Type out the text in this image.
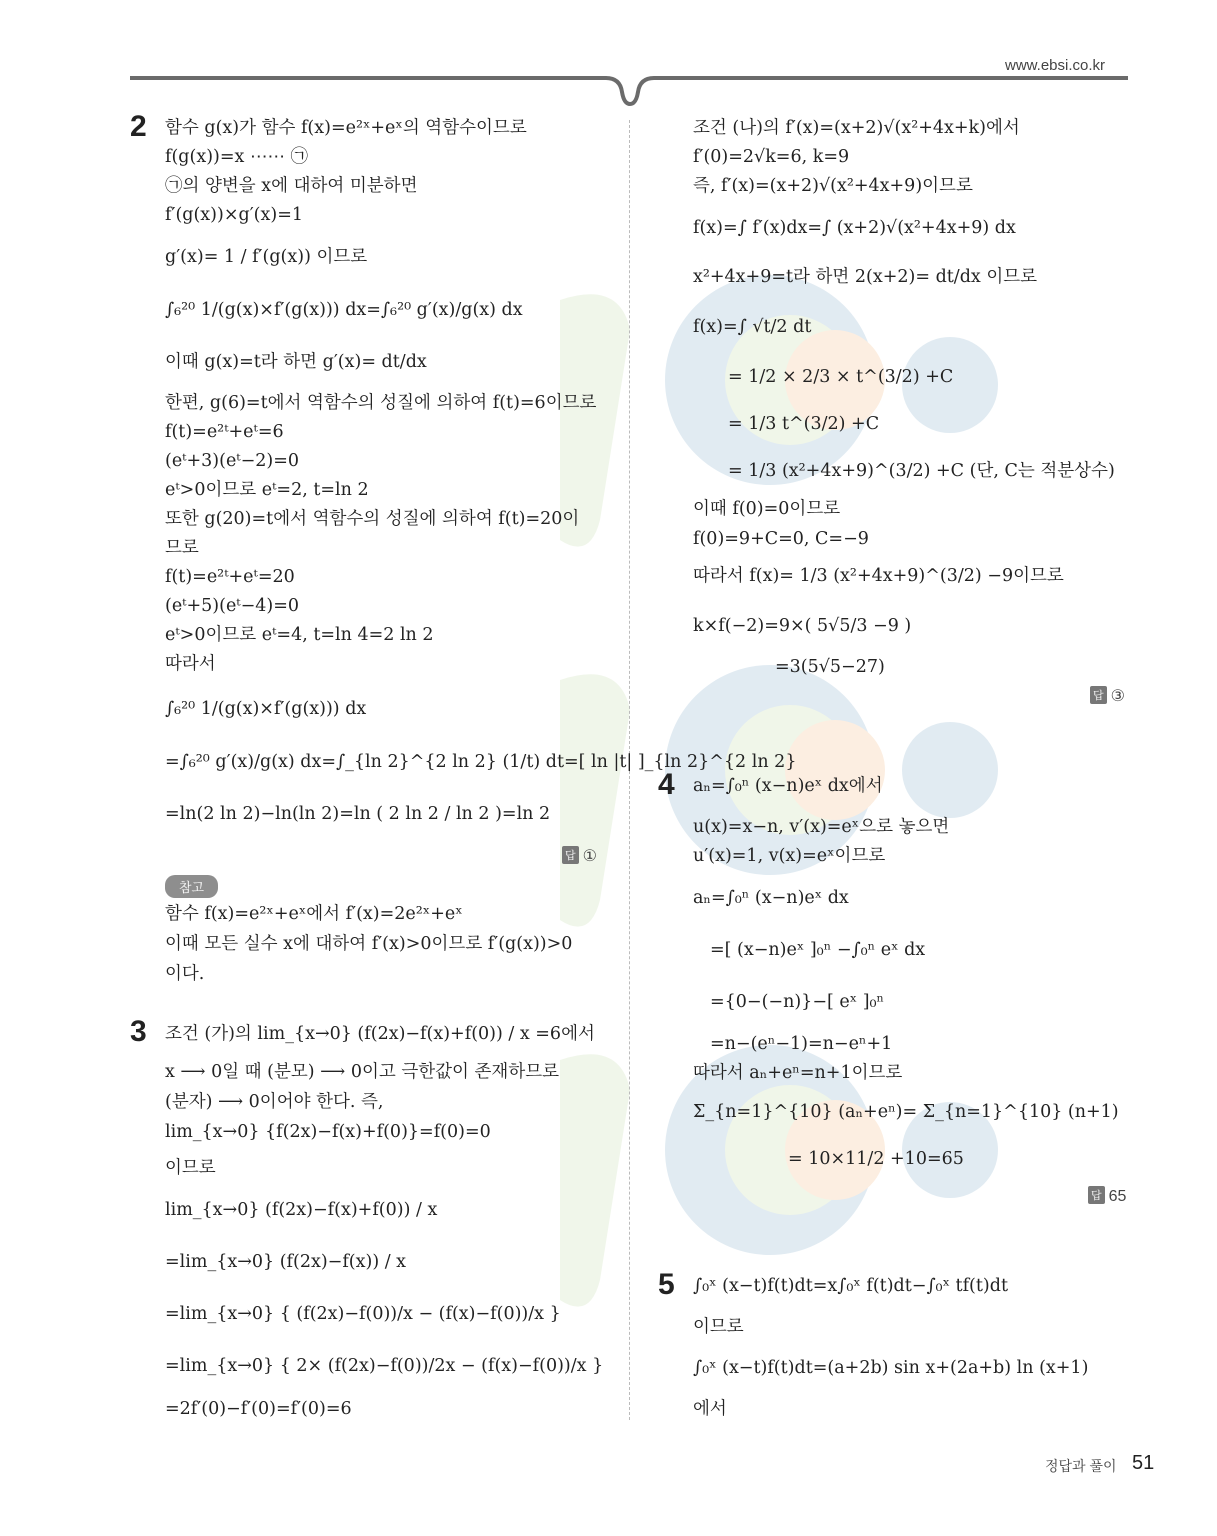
www.ebsi.co.kr
2 함수 g(x)가 함수 f(x)=e²ˣ+eˣ의 역함수이므로
f(g(x))=x ⋯⋯ ㉠
㉠의 양변을 x에 대하여 미분하면
f′(g(x))×g′(x)=1
g′(x)= 1 / f′(g(x)) 이므로
∫₆²⁰ 1/(g(x)×f′(g(x))) dx=∫₆²⁰ g′(x)/g(x) dx
이때 g(x)=t라 하면 g′(x)= dt/dx
한편, g(6)=t에서 역함수의 성질에 의하여 f(t)=6이므로
f(t)=e²ᵗ+eᵗ=6
(eᵗ+3)(eᵗ−2)=0
eᵗ>0이므로 eᵗ=2, t=ln 2
또한 g(20)=t에서 역함수의 성질에 의하여 f(t)=20이
므로
f(t)=e²ᵗ+eᵗ=20
(eᵗ+5)(eᵗ−4)=0
eᵗ>0이므로 eᵗ=4, t=ln 4=2 ln 2
따라서
∫₆²⁰ 1/(g(x)×f′(g(x))) dx
=∫₆²⁰ g′(x)/g(x) dx=∫_{ln 2}^{2 ln 2} (1/t) dt=[ ln |t| ]_{ln 2}^{2 ln 2}
=ln(2 ln 2)−ln(ln 2)=ln ( 2 ln 2 / ln 2 )=ln 2
답 ①
참고
함수 f(x)=e²ˣ+eˣ에서 f′(x)=2e²ˣ+eˣ
이때 모든 실수 x에 대하여 f′(x)>0이므로 f′(g(x))>0
이다.
3 조건 (가)의 lim_{x→0} (f(2x)−f(x)+f(0)) / x =6에서
x ⟶ 0일 때 (분모) ⟶ 0이고 극한값이 존재하므로
(분자) ⟶ 0이어야 한다. 즉,
lim_{x→0} {f(2x)−f(x)+f(0)}=f(0)=0
이므로
lim_{x→0} (f(2x)−f(x)+f(0)) / x
=lim_{x→0} (f(2x)−f(x)) / x
=lim_{x→0} { (f(2x)−f(0))/x − (f(x)−f(0))/x }
=lim_{x→0} { 2× (f(2x)−f(0))/2x − (f(x)−f(0))/x }
=2f′(0)−f′(0)=f′(0)=6
조건 (나)의 f′(x)=(x+2)√(x²+4x+k)에서
f′(0)=2√k=6, k=9
즉, f′(x)=(x+2)√(x²+4x+9)이므로
f(x)=∫ f′(x)dx=∫ (x+2)√(x²+4x+9) dx
x²+4x+9=t라 하면 2(x+2)= dt/dx 이므로
f(x)=∫ √t/2 dt
= 1/2 × 2/3 × t^(3/2) +C
= 1/3 t^(3/2) +C
= 1/3 (x²+4x+9)^(3/2) +C (단, C는 적분상수)
이때 f(0)=0이므로
f(0)=9+C=0, C=−9
따라서 f(x)= 1/3 (x²+4x+9)^(3/2) −9이므로
k×f(−2)=9×( 5√5/3 −9 )
=3(5√5−27)
답 ③
4 aₙ=∫₀ⁿ (x−n)eˣ dx에서
u(x)=x−n, v′(x)=eˣ으로 놓으면
u′(x)=1, v(x)=eˣ이므로
aₙ=∫₀ⁿ (x−n)eˣ dx
=[ (x−n)eˣ ]₀ⁿ −∫₀ⁿ eˣ dx
={0−(−n)}−[ eˣ ]₀ⁿ
=n−(eⁿ−1)=n−eⁿ+1
따라서 aₙ+eⁿ=n+1이므로
Σ_{n=1}^{10} (aₙ+eⁿ)= Σ_{n=1}^{10} (n+1)
= 10×11/2 +10=65
답 65
5 ∫₀ˣ (x−t)f(t)dt=x∫₀ˣ f(t)dt−∫₀ˣ tf(t)dt
이므로
∫₀ˣ (x−t)f(t)dt=(a+2b) sin x+(2a+b) ln (x+1)
에서
정답과 풀이 51
